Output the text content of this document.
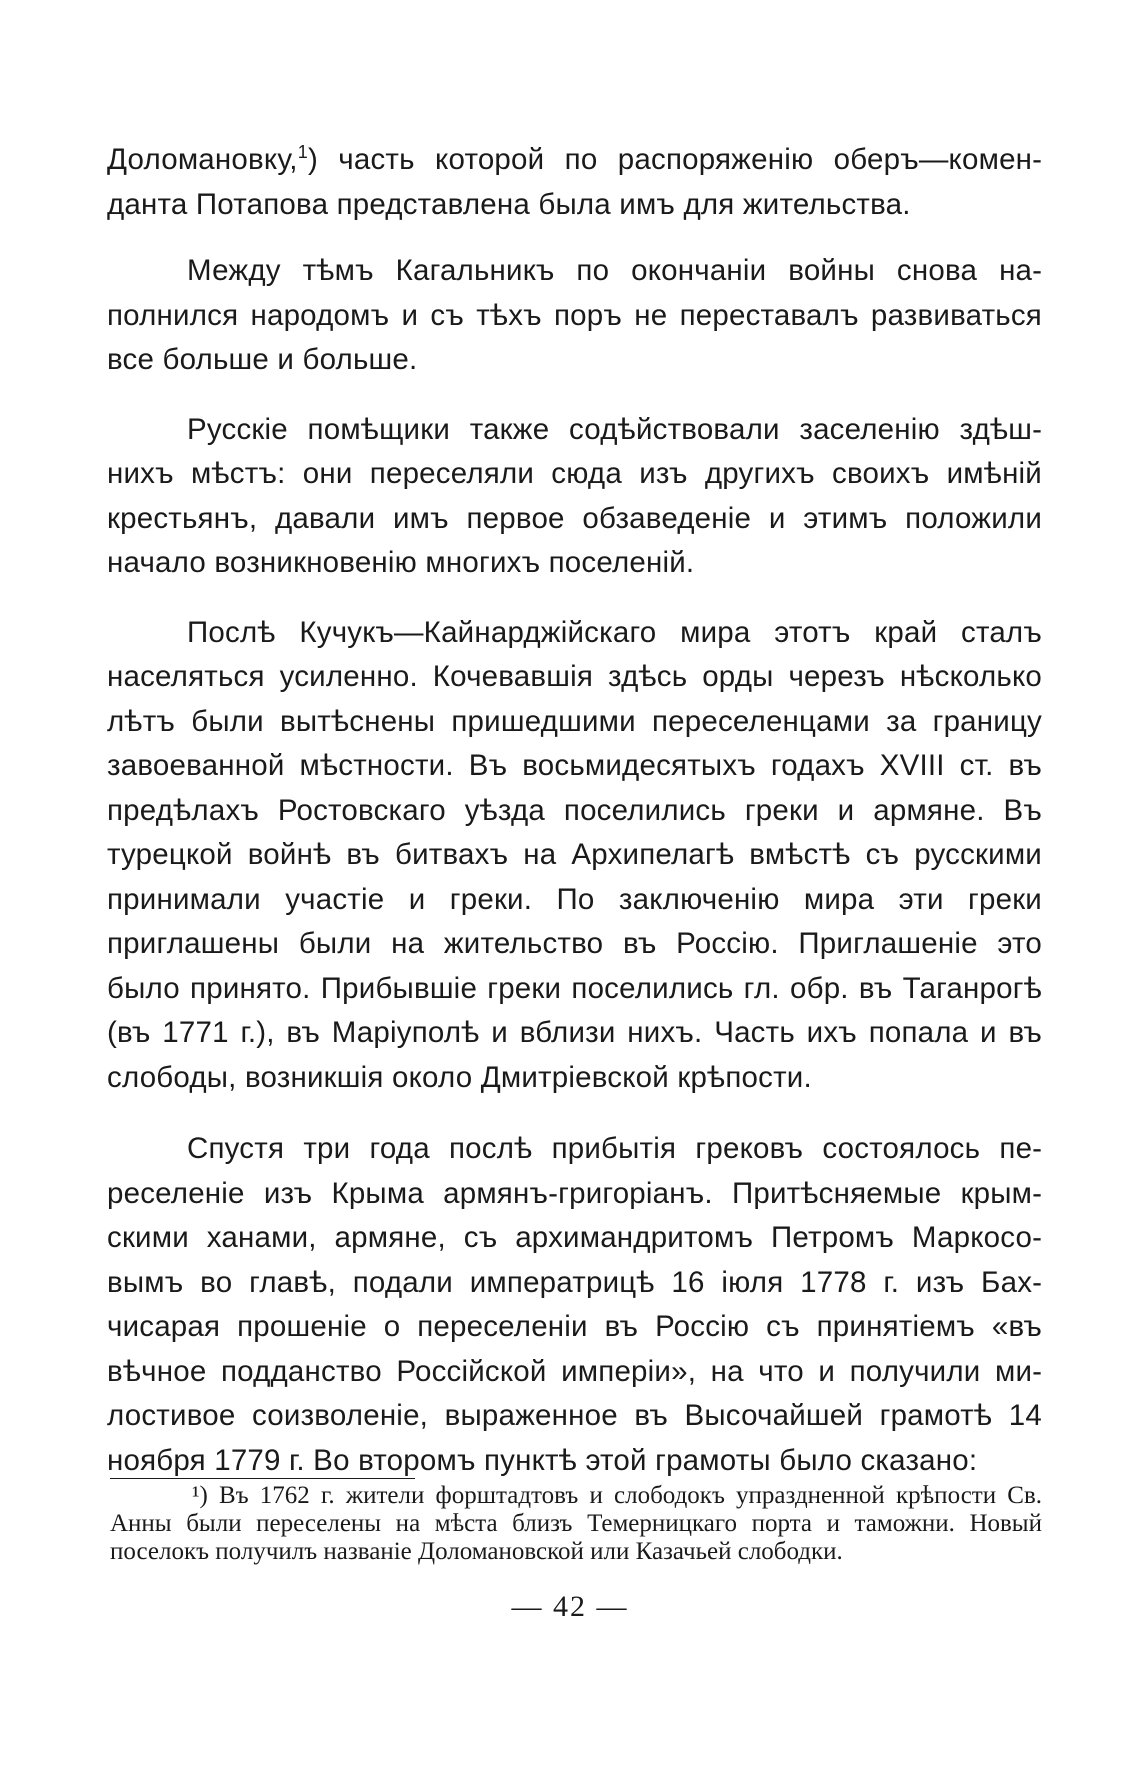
Доломановку,$^1$) часть которой по распоряженію оберъ—коменданта Потапова представлена была имъ для жительства.

Между тѣмъ Кагальникъ по окончаніи войны снова наполнился народомъ и съ тѣхъ поръ не переставалъ развиваться все больше и больше.

Русскіе помѣщики также содѣйствовали заселенію здѣшнихъ мѣстъ: они переселяли сюда изъ другихъ своихъ имѣній крестьянъ, давали имъ первое обзаведеніе и этимъ положили начало возникновенію многихъ поселеній.

Послѣ Кучукъ—Кайнарджійскаго мира этотъ край сталъ населяться усиленно. Кочевавшія здѣсь орды черезъ нѣсколько лѣтъ были вытѣснены пришедшими переселенцами за границу завоеванной мѣстности. Въ восьмидесятыхъ годахъ XVIII ст. въ предѣлахъ Ростовскаго уѣзда поселились греки и армяне. Въ турецкой войнѣ въ битвахъ на Архипелагѣ вмѣстѣ съ русскими принимали участіе и греки. По заключенію мира эти греки приглашены были на жительство въ Россію. Приглашеніе это было принято. Прибывшіе греки поселились гл. обр. въ Таганрогѣ (въ 1771 г.), въ Маріуполѣ и вблизи нихъ. Часть ихъ попала и въ слободы, возникшія около Дмитріевской крѣпости.

Спустя три года послѣ прибытія грековъ состоялось переселеніе изъ Крыма армянъ-григоріанъ. Притѣсняемые крымскими ханами, армяне, съ архимандритомъ Петромъ Маркосовымъ во главѣ, подали императрицѣ 16 іюля 1778 г. изъ Бахчисарая прошеніе о переселеніи въ Россію съ принятіемъ «въ вѣчное подданство Россійской имперіи», на что и получили милостивое соизволеніе, выраженное въ Высочайшей грамотѣ 14 ноября 1779 г. Во второмъ пунктѣ этой грамоты было сказано:

¹) Въ 1762 г. жители форштадтовъ и слободокъ упраздненной крѣпости Св. Анны были переселены на мѣста близъ Темерницкаго порта и таможни. Новый поселокъ получилъ названіе Доломановской или Казачьей слободки.
— 42 —
